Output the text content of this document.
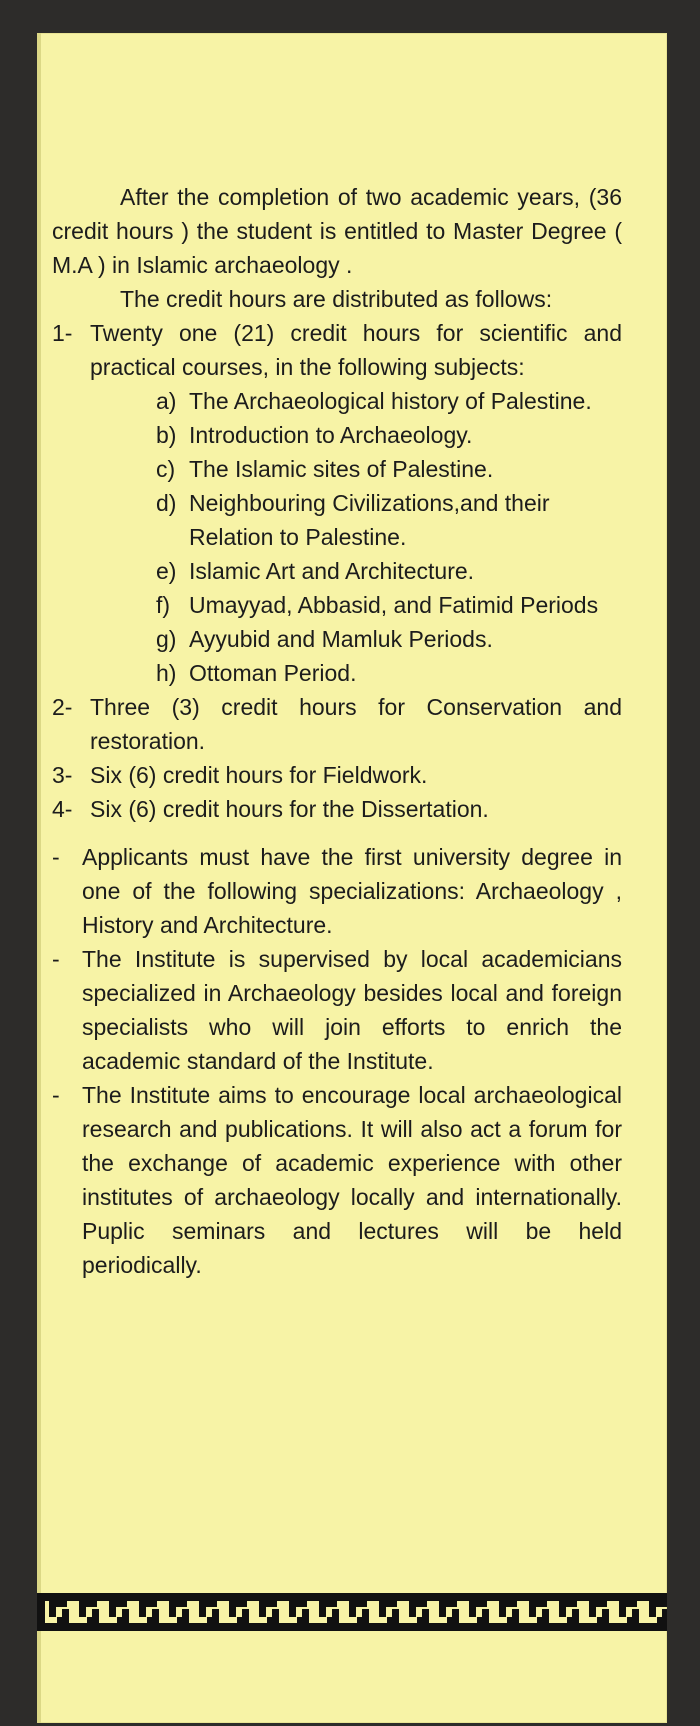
After the completion of two academic years, (36 credit hours ) the student is entitled to Master Degree ( M.A ) in Islamic archaeology .

The credit hours are distributed as follows:

1- Twenty one (21) credit hours for scientific and practical courses, in the following subjects:
a) The Archaeological history of Palestine.
b) Introduction to Archaeology.
c) The Islamic sites of Palestine.
d) Neighbouring Civilizations,and their Relation to Palestine.
e) Islamic Art and Architecture.
f) Umayyad, Abbasid, and Fatimid Periods
g) Ayyubid and Mamluk Periods.
h) Ottoman Period.
2- Three (3) credit hours for Conservation and restoration.
3- Six (6) credit hours for Fieldwork.
4- Six (6) credit hours for the Dissertation.
- Applicants must have the first university degree in one of the following specializations: Archaeology , History and Architecture.
- The Institute is supervised by local academicians specialized in Archaeology besides local and foreign specialists who will join efforts to enrich the academic standard of the Institute.
- The Institute aims to encourage local archaeological research and publications. It will also act a forum for the exchange of academic experience with other institutes of archaeology locally and internationally. Puplic seminars and lectures will be held periodically.
